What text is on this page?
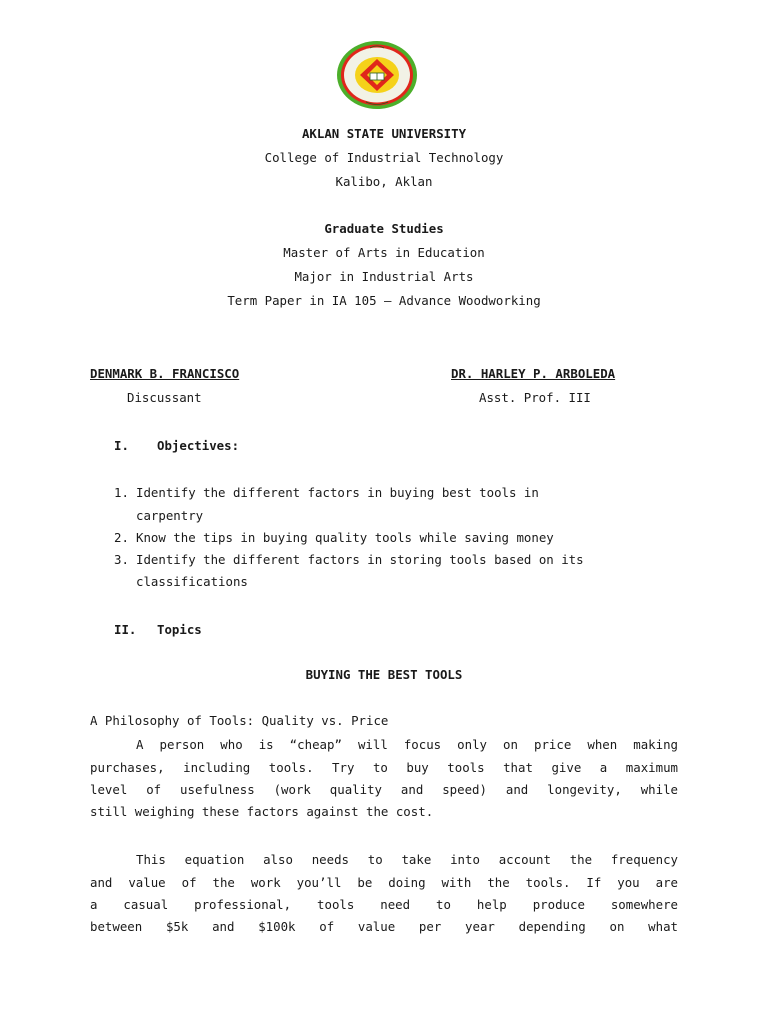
AKLAN STATE UNIVERSITY
College of Industrial Technology
Kalibo, Aklan
Graduate Studies
Master of Arts in Education
Major in Industrial Arts
Term Paper in IA 105 – Advance Woodworking
DENMARK B. FRANCISCO
Discussant
DR. HARLEY P. ARBOLEDA
Asst. Prof. III
I. Objectives:
1. Identify the different factors in buying best tools in
carpentry
2. Know the tips in buying quality tools while saving money
3. Identify the different factors in storing tools based on its
classifications
II. Topics
BUYING THE BEST TOOLS
A Philosophy of Tools: Quality vs. Price
A person who is “cheap” will focus only on price when making
purchases, including tools. Try to buy tools that give a maximum
level of usefulness (work quality and speed) and longevity, while
still weighing these factors against the cost.
This equation also needs to take into account the frequency
and value of the work you’ll be doing with the tools. If you are
a casual professional, tools need to help produce somewhere
between $5k and $100k of value per year depending on what
